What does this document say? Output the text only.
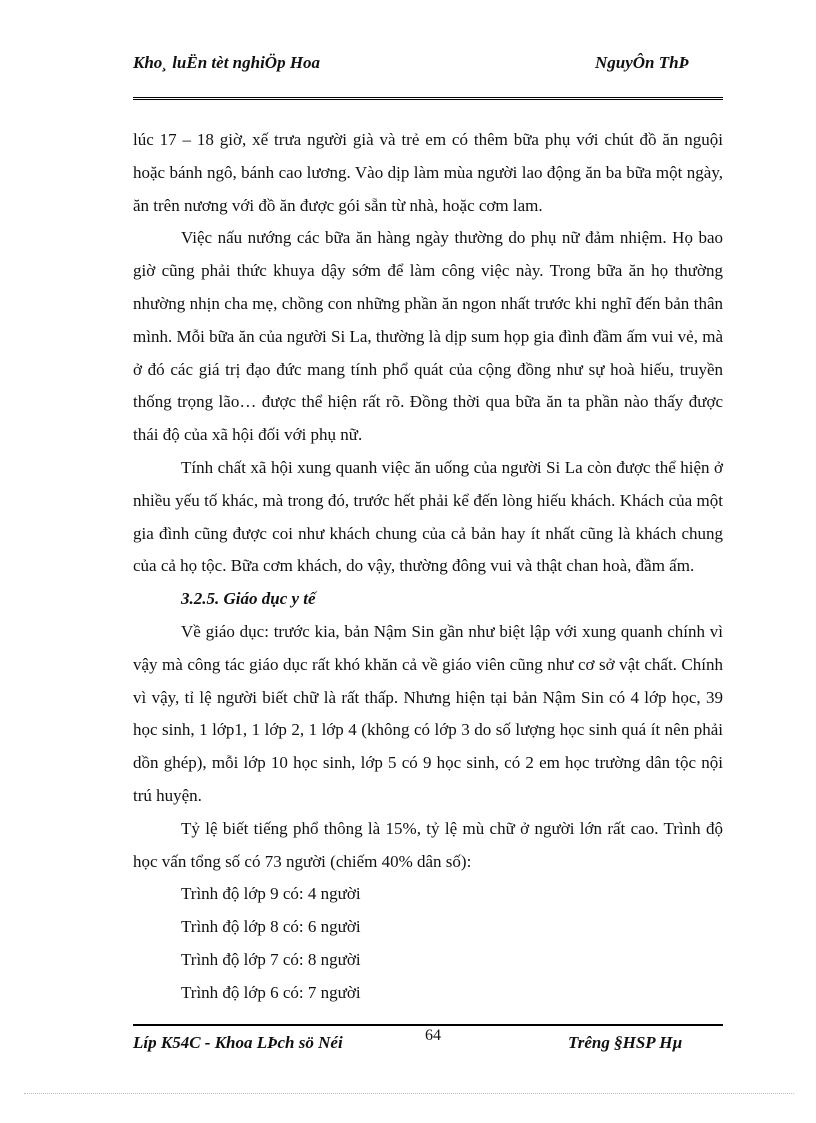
Kho¸ luËn tèt nghiÖp Hoa	NguyÔn ThÞ

lúc 17 – 18 giờ, xế trưa người già và trẻ em có thêm bữa phụ với chút đồ ăn nguội hoặc bánh ngô, bánh cao lương. Vào dịp làm mùa người lao động ăn ba bữa một ngày, ăn trên nương với đồ ăn được gói sẵn từ nhà, hoặc cơm lam.

Việc nấu nướng các bữa ăn hàng ngày thường do phụ nữ đảm nhiệm. Họ bao giờ cũng phải thức khuya dậy sớm để làm công việc này. Trong bữa ăn họ thường nhường nhịn cha mẹ, chồng con những phần ăn ngon nhất trước khi nghĩ đến bản thân mình. Mỗi bữa ăn của người Si La, thường là dịp sum họp gia đình đầm ấm vui vẻ, mà ở đó các giá trị đạo đức mang tính phổ quát của cộng đồng như sự hoà hiếu, truyền thống trọng lão… được thể hiện rất rõ. Đồng thời qua bữa ăn ta phần nào thấy được thái độ của xã hội đối với phụ nữ.

Tính chất xã hội xung quanh việc ăn uống của người Si La còn được thể hiện ở nhiều yếu tố khác, mà trong đó, trước hết phải kể đến lòng hiếu khách. Khách của một gia đình cũng được coi như khách chung của cả bản hay ít nhất cũng là khách chung của cả họ tộc. Bữa cơm khách, do vậy, thường đông vui và thật chan hoà, đầm ấm.

3.2.5. Giáo dục y tế

Về giáo dục: trước kia, bản Nậm Sin gần như biệt lập với xung quanh chính vì vậy mà công tác giáo dục rất khó khăn cả về giáo viên cũng như cơ sở vật chất. Chính vì vậy, tỉ lệ người biết chữ là rất thấp. Nhưng hiện tại bản Nậm Sin có 4 lớp học, 39 học sinh, 1 lớp1, 1 lớp 2, 1 lớp 4 (không có lớp 3 do số lượng học sinh quá ít nên phải dồn ghép), mỗi lớp 10 học sinh, lớp 5 có 9 học sinh, có 2 em học trường dân tộc nội trú huyện.

Tỷ lệ biết tiếng phổ thông là 15%, tỷ lệ mù chữ ở người lớn rất cao. Trình độ học vấn tổng số có 73 người (chiếm 40% dân số):

Trình độ lớp 9 có: 4 người

Trình độ lớp 8 có: 6 người

Trình độ lớp 7 có: 8 người

Trình độ lớp 6 có: 7 người

Líp K54C - Khoa LÞch sö Néi	64	Trêng §HSP Hµ
